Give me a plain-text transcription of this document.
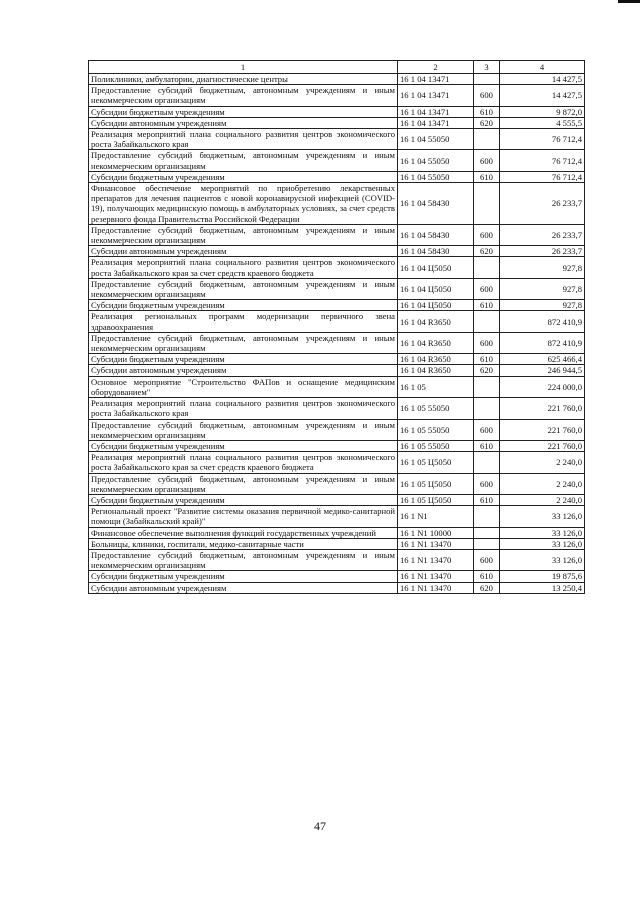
1	2	3	4
Поликлиники, амбулатории, диагностические центры	16 1 04 13471		14 427,5
Предоставление субсидий бюджетным, автономным учреждениям и иным некоммерческим организациям	16 1 04 13471	600	14 427,5
Субсидии бюджетным учреждениям	16 1 04 13471	610	9 872,0
Субсидии автономным учреждениям	16 1 04 13471	620	4 555,5
Реализация мероприятий плана социального развития центров экономического роста Забайкальского края	16 1 04 55050		76 712,4
Предоставление субсидий бюджетным, автономным учреждениям и иным некоммерческим организациям	16 1 04 55050	600	76 712,4
Субсидии бюджетным учреждениям	16 1 04 55050	610	76 712,4
Финансовое обеспечение мероприятий по приобретению лекарственных препаратов для лечения пациентов с новой коронавирусной инфекцией (COVID-19), получающих медицинскую помощь в амбулаторных условиях, за счет средств резервного фонда Правительства Российской Федерации	16 1 04 58430		26 233,7
Предоставление субсидий бюджетным, автономным учреждениям и иным некоммерческим организациям	16 1 04 58430	600	26 233,7
Субсидии автономным учреждениям	16 1 04 58430	620	26 233,7
Реализация мероприятий плана социального развития центров экономического роста Забайкальского края за счет средств краевого бюджета	16 1 04 Ц5050		927,8
Предоставление субсидий бюджетным, автономным учреждениям и иным некоммерческим организациям	16 1 04 Ц5050	600	927,8
Субсидии бюджетным учреждениям	16 1 04 Ц5050	610	927,8
Реализация региональных программ модернизации первичного звена здравоохранения	16 1 04 R3650		872 410,9
Предоставление субсидий бюджетным, автономным учреждениям и иным некоммерческим организациям	16 1 04 R3650	600	872 410,9
Субсидии бюджетным учреждениям	16 1 04 R3650	610	625 466,4
Субсидии автономным учреждениям	16 1 04 R3650	620	246 944,5
Основное мероприятие "Строительство ФАПов и оснащение медицинским оборудованием"	16 1 05		224 000,0
Реализация мероприятий плана социального развития центров экономического роста Забайкальского края	16 1 05 55050		221 760,0
Предоставление субсидий бюджетным, автономным учреждениям и иным некоммерческим организациям	16 1 05 55050	600	221 760,0
Субсидии бюджетным учреждениям	16 1 05 55050	610	221 760,0
Реализация мероприятий плана социального развития центров экономического роста Забайкальского края за счет средств краевого бюджета	16 1 05 Ц5050		2 240,0
Предоставление субсидий бюджетным, автономным учреждениям и иным некоммерческим организациям	16 1 05 Ц5050	600	2 240,0
Субсидии бюджетным учреждениям	16 1 05 Ц5050	610	2 240,0
Региональный проект "Развитие системы оказания первичной медико-санитарной помощи (Забайкальский край)"	16 1 N1		33 126,0
Финансовое обеспечение выполнения функций государственных учреждений	16 1 N1 10000		33 126,0
Больницы, клиники, госпитали, медико-санитарные части	16 1 N1 13470		33 126,0
Предоставление субсидий бюджетным, автономным учреждениям и иным некоммерческим организациям	16 1 N1 13470	600	33 126,0
Субсидии бюджетным учреждениям	16 1 N1 13470	610	19 875,6
Субсидии автономным учреждениям	16 1 N1 13470	620	13 250,4
47
